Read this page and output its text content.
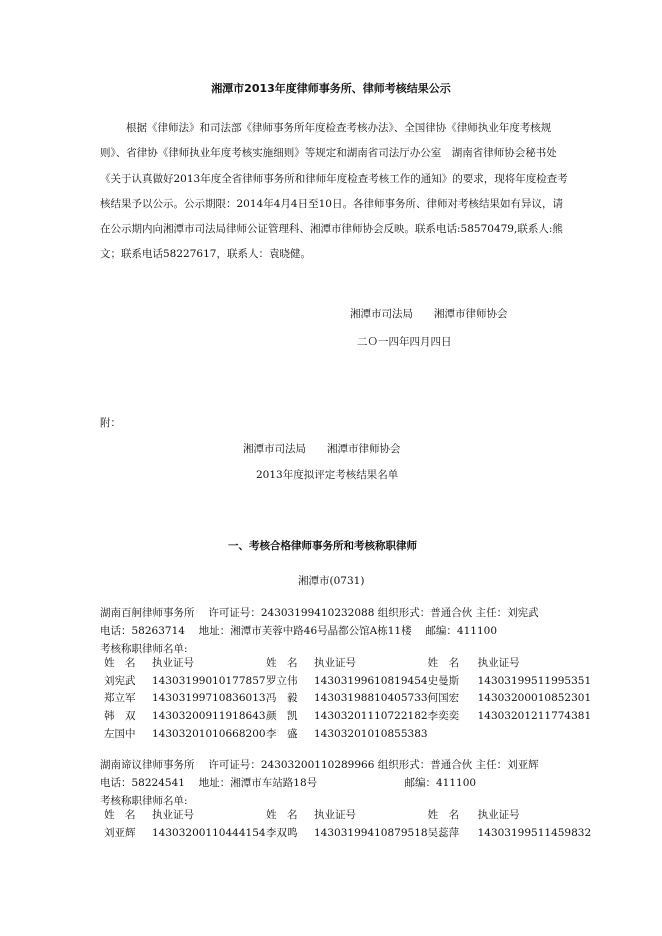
湘潭市2013年度律师事务所、律师考核结果公示

根据《律师法》和司法部《律师事务所年度检查考核办法》、全国律协《律师执业年度考核规则》、省律协《律师执业年度考核实施细则》等规定和湖南省司法厅办公室　湖南省律师协会秘书处《关于认真做好2013年度全省律师事务所和律师年度检查考核工作的通知》的要求，现将年度检查考核结果予以公示。公示期限：2014年4月4日至10日。各律师事务所、律师对考核结果如有异议，请在公示期内向湘潭市司法局律师公证管理科、湘潭市律师协会反映。联系电话:58570479,联系人:熊文；联系电话58227617，联系人：袁晓健。

湘潭市司法局　　湘潭市律师协会
二Ｏ一四年四月四日
附：
湘潭市司法局　　湘潭市律师协会
2013年度拟评定考核结果名单
一、考核合格律师事务所和考核称职律师
湘潭市(0731)
湖南百舸律师事务所　 许可证号：24303199410232088 组织形式：普通合伙 主任：刘宪武
电话：58263714　 地址：湘潭市芙蓉中路46号晶都公馆A栋11楼　 邮编：411100
考核称职律师名单:
姓　名	执业证号	姓　名	执业证号	姓　名	执业证号
刘宪武	14303199010177857	罗立伟	14303199610819454	史曼斯	14303199511995351
郑立军	14303199710836013	冯　毅	14303198810405733	何国宏	14303200010852301
韩　双	14303200911918643	颜　凯	14303201110722182	李奕奕	14303201211774381
左国中	14303201010668200	李　盛	14303201010855383		
湖南谛议律师事务所　 许可证号：24303200110289966 组织形式：普通合伙 主任：刘亚辉
电话：58224541　 地址：湘潭市车站路18号　　　　　　　　 邮编：411100
考核称职律师名单:
姓　名	执业证号	姓　名	执业证号	姓　名	执业证号
刘亚辉	14303200110444154	李双鸣	14303199410879518	吴蕊萍	14303199511459832
